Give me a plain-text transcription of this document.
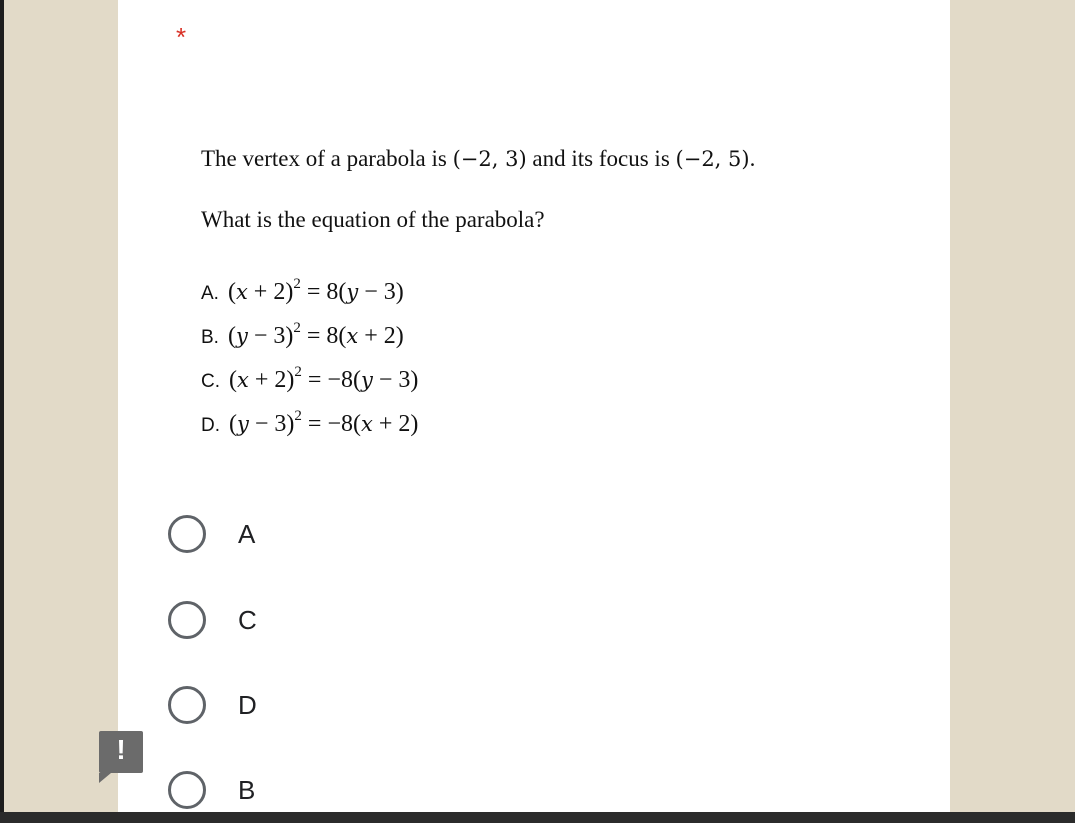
*
The vertex of a parabola is (−2, 3) and its focus is (−2, 5).
What is the equation of the parabola?
A. $(x + 2)^2 = 8(y - 3)$
B. $(y - 3)^2 = 8(x + 2)$
C. $(x + 2)^2 = -8(y - 3)$
D. $(y - 3)^2 = -8(x + 2)$
A
C
D
B
!
